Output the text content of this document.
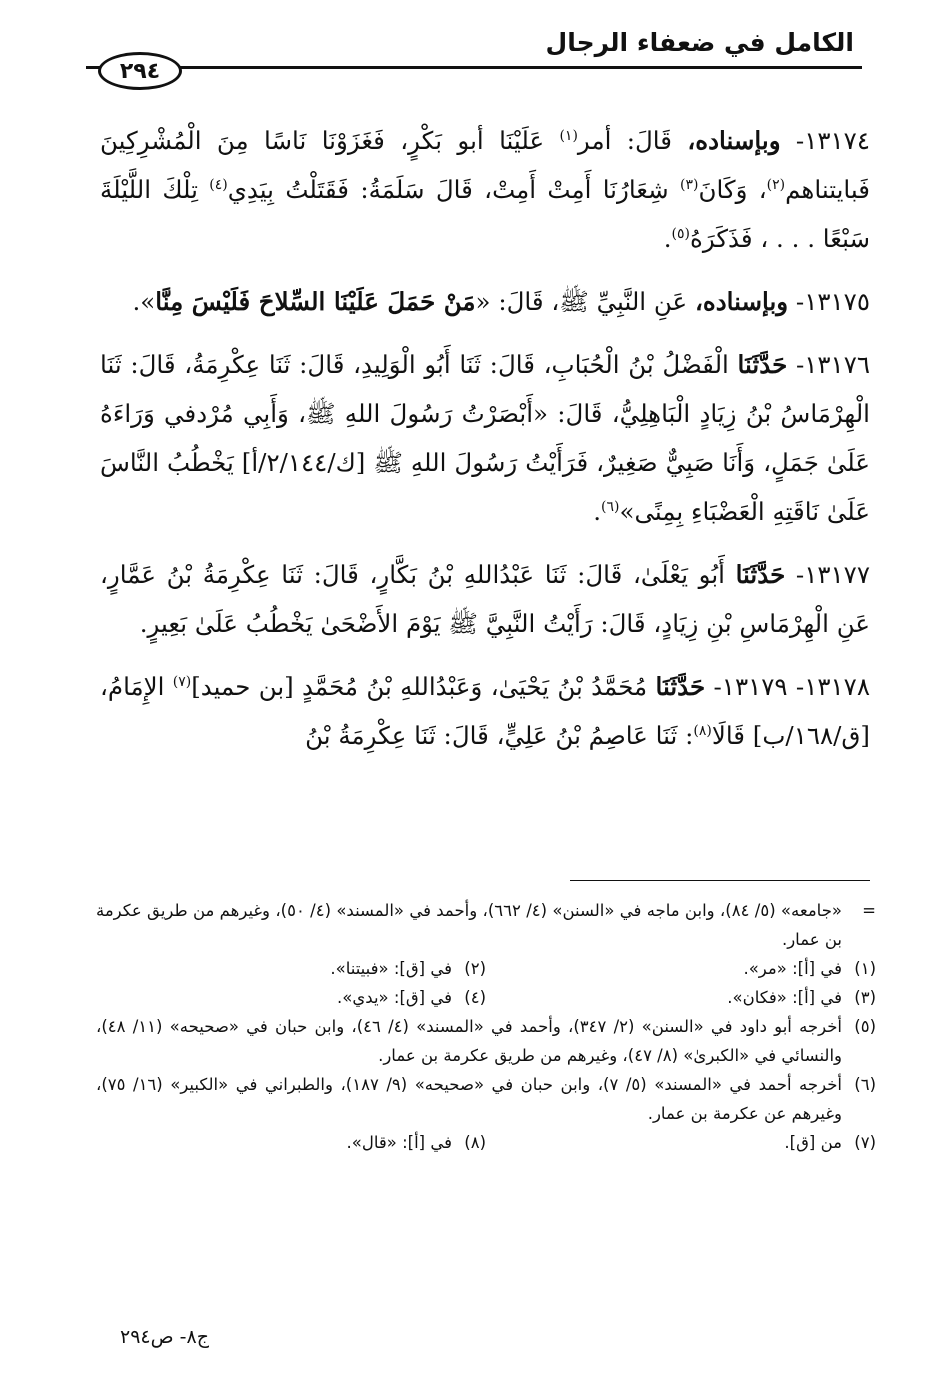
الكامل في ضعفاء الرجال
٢٩٤

١٣١٧٤- وبإسناده، قَالَ: أمر$^{(١)}$ عَلَيْنَا أبو بَكْرٍ، فَغَزَوْنَا نَاسًا مِنَ الْمُشْرِكِينَ فَبايتناهم$^{(٢)}$، وَكَانَ$^{(٣)}$ شِعَارُنَا أَمِتْ أَمِتْ، قَالَ سَلَمَةُ: فَقَتَلْتُ بِيَدِي$^{(٤)}$ تِلْكَ اللَّيْلَةَ سَبْعًا . . . ، فَذَكَرَهُ$^{(٥)}$.

١٣١٧٥- وبإسناده، عَنِ النَّبِيِّ ﷺ، قَالَ: «مَنْ حَمَلَ عَلَيْنَا السِّلاحَ فَلَيْسَ مِنَّا».

١٣١٧٦- حَدَّثَنَا الْفَضْلُ بْنُ الْحُبَابِ، قَالَ: ثَنَا أَبُو الْوَلِيدِ، قَالَ: ثَنَا عِكْرِمَةُ، قَالَ: ثَنَا الْهِرْمَاسُ بْنُ زِيَادٍ الْبَاهِلِيُّ، قَالَ: «أَبْصَرْتُ رَسُولَ اللهِ ﷺ، وَأَبِي مُرْدفي وَرَاءَهُ عَلَىٰ جَمَلٍ، وَأَنَا صَبِيٌّ صَغِيرٌ، فَرَأَيْتُ رَسُولَ اللهِ ﷺ [ك/٢/١٤٤/أ] يَخْطُبُ النَّاسَ عَلَىٰ نَاقَتِهِ الْعَضْبَاءِ بِمِنًى»$^{(٦)}$.

١٣١٧٧- حَدَّثَنَا أَبُو يَعْلَىٰ، قَالَ: ثَنَا عَبْدُاللهِ بْنُ بَكَّارٍ، قَالَ: ثَنَا عِكْرِمَةُ بْنُ عَمَّارٍ، عَنِ الْهِرْمَاسِ بْنِ زِيَادٍ، قَالَ: رَأَيْتُ النَّبِيَّ ﷺ يَوْمَ الأَضْحَىٰ يَخْطُبُ عَلَىٰ بَعِيرٍ.

١٣١٧٨- ١٣١٧٩- حَدَّثَنَا مُحَمَّدُ بْنُ يَحْيَىٰ، وَعَبْدُاللهِ بْنُ مُحَمَّدٍ [بن حميد]$^{(٧)}$ الإِمَامُ، [ق/١٦٨/ب] قَالَا$^{(٨)}$: ثَنَا عَاصِمُ بْنُ عَلِيٍّ، قَالَ: ثَنَا عِكْرِمَةُ بْنُ

=
«جامعه» (٥/ ٨٤)، وابن ماجه في «السنن» (٤/ ٦٦٢)، وأحمد في «المسند» (٤/ ٥٠)، وغيرهم من طريق عكرمة بن عمار.

(١)
في [أ]: «مر».

(٢)
في [ق]: «فبيتنا».

(٣)
في [أ]: «فكان».

(٤)
في [ق]: «يدي».

(٥)
أخرجه أبو داود في «السنن» (٢/ ٣٤٧)، وأحمد في «المسند» (٤/ ٤٦)، وابن حبان في «صحيحه» (١١/ ٤٨)، والنسائي في «الكبرىٰ» (٨/ ٤٧)، وغيرهم من طريق عكرمة بن عمار.

(٦)
أخرجه أحمد في «المسند» (٥/ ٧)، وابن حبان في «صحيحه» (٩/ ١٨٧)، والطبراني في «الكبير» (١٦/ ٧٥)، وغيرهم عن عكرمة بن عمار.

(٧)
من [ق].

(٨)
في [أ]: «قال».

ج٨- ص٢٩٤
